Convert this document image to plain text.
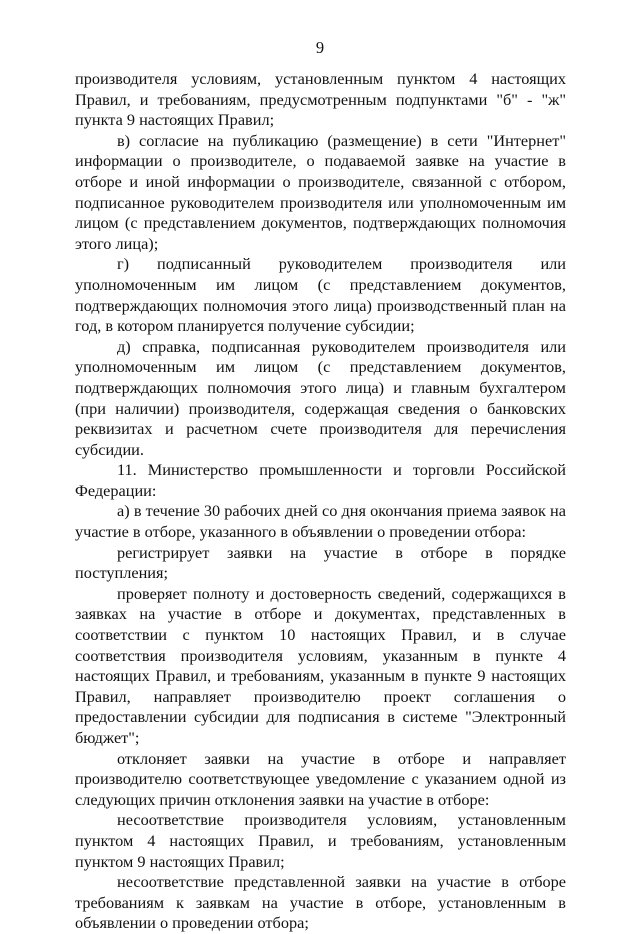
9

производителя условиям, установленным пунктом 4 настоящих Правил, и требованиям, предусмотренным подпунктами "б" - "ж" пункта 9 настоящих Правил;

в) согласие на публикацию (размещение) в сети "Интернет" информации о производителе, о подаваемой заявке на участие в отборе и иной информации о производителе, связанной с отбором, подписанное руководителем производителя или уполномоченным им лицом (с представлением документов, подтверждающих полномочия этого лица);

г) подписанный руководителем производителя или уполномоченным им лицом (с представлением документов, подтверждающих полномочия этого лица) производственный план на год, в котором планируется получение субсидии;

д) справка, подписанная руководителем производителя или уполномоченным им лицом (с представлением документов, подтверждающих полномочия этого лица) и главным бухгалтером (при наличии) производителя, содержащая сведения о банковских реквизитах и расчетном счете производителя для перечисления субсидии.

11. Министерство промышленности и торговли Российской Федерации:

а) в течение 30 рабочих дней со дня окончания приема заявок на участие в отборе, указанного в объявлении о проведении отбора:

регистрирует заявки на участие в отборе в порядке поступления;

проверяет полноту и достоверность сведений, содержащихся в заявках на участие в отборе и документах, представленных в соответствии с пунктом 10 настоящих Правил, и в случае соответствия производителя условиям, указанным в пункте 4 настоящих Правил, и требованиям, указанным в пункте 9 настоящих Правил, направляет производителю проект соглашения о предоставлении субсидии для подписания в системе "Электронный бюджет";

отклоняет заявки на участие в отборе и направляет производителю соответствующее уведомление с указанием одной из следующих причин отклонения заявки на участие в отборе:

несоответствие производителя условиям, установленным пунктом 4 настоящих Правил, и требованиям, установленным пунктом 9 настоящих Правил;

несоответствие представленной заявки на участие в отборе требованиям к заявкам на участие в отборе, установленным в объявлении о проведении отбора;
